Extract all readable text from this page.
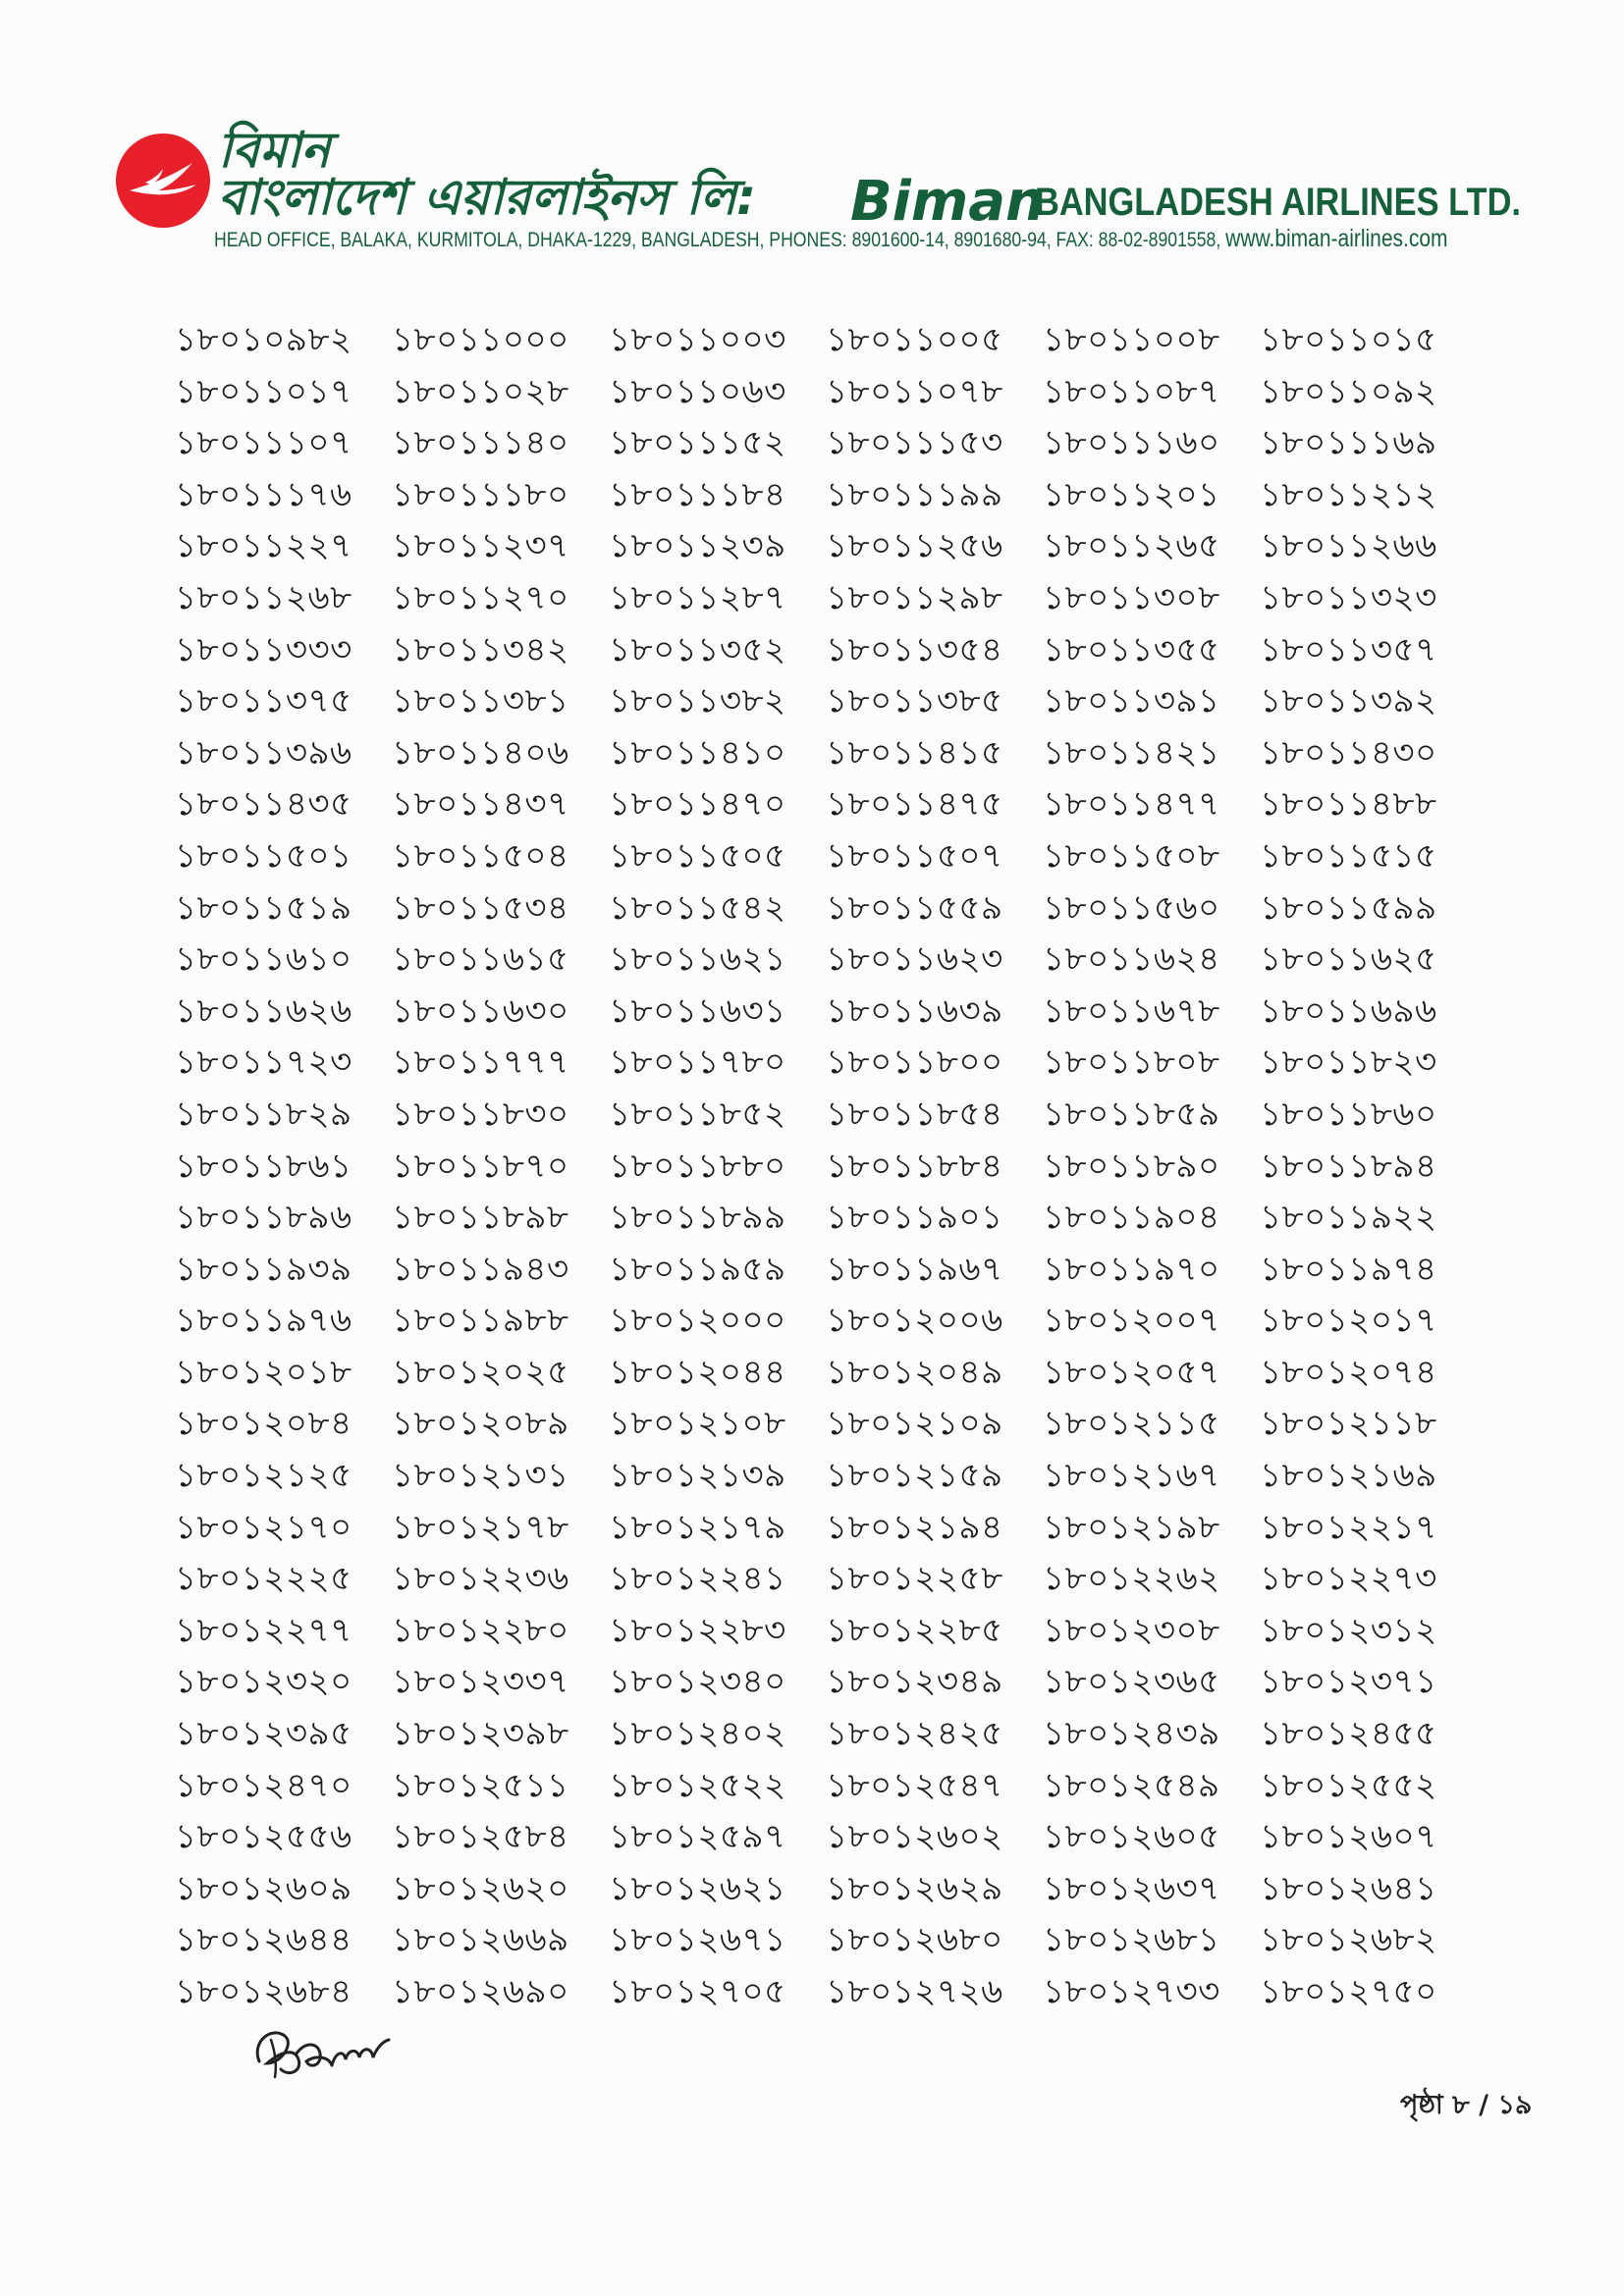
বিমান
বাংলাদেশ এয়ারলাইনস লি: Biman
BANGLADESH AIRLINES LTD.
HEAD OFFICE, BALAKA, KURMITOLA, DHAKA-1229, BANGLADESH, PHONES: 8901600-14, 8901680-94, FAX: 88-02-8901558, www.biman-airlines.com
১৮০১০৯৮২	১৮০১১০০০	১৮০১১০০৩	১৮০১১০০৫	১৮০১১০০৮	১৮০১১০১৫
১৮০১১০১৭	১৮০১১০২৮	১৮০১১০৬৩	১৮০১১০৭৮	১৮০১১০৮৭	১৮০১১০৯২
১৮০১১১০৭	১৮০১১১৪০	১৮০১১১৫২	১৮০১১১৫৩	১৮০১১১৬০	১৮০১১১৬৯
১৮০১১১৭৬	১৮০১১১৮০	১৮০১১১৮৪	১৮০১১১৯৯	১৮০১১২০১	১৮০১১২১২
১৮০১১২২৭	১৮০১১২৩৭	১৮০১১২৩৯	১৮০১১২৫৬	১৮০১১২৬৫	১৮০১১২৬৬
১৮০১১২৬৮	১৮০১১২৭০	১৮০১১২৮৭	১৮০১১২৯৮	১৮০১১৩০৮	১৮০১১৩২৩
১৮০১১৩৩৩	১৮০১১৩৪২	১৮০১১৩৫২	১৮০১১৩৫৪	১৮০১১৩৫৫	১৮০১১৩৫৭
১৮০১১৩৭৫	১৮০১১৩৮১	১৮০১১৩৮২	১৮০১১৩৮৫	১৮০১১৩৯১	১৮০১১৩৯২
১৮০১১৩৯৬	১৮০১১৪০৬	১৮০১১৪১০	১৮০১১৪১৫	১৮০১১৪২১	১৮০১১৪৩০
১৮০১১৪৩৫	১৮০১১৪৩৭	১৮০১১৪৭০	১৮০১১৪৭৫	১৮০১১৪৭৭	১৮০১১৪৮৮
১৮০১১৫০১	১৮০১১৫০৪	১৮০১১৫০৫	১৮০১১৫০৭	১৮০১১৫০৮	১৮০১১৫১৫
১৮০১১৫১৯	১৮০১১৫৩৪	১৮০১১৫৪২	১৮০১১৫৫৯	১৮০১১৫৬০	১৮০১১৫৯৯
১৮০১১৬১০	১৮০১১৬১৫	১৮০১১৬২১	১৮০১১৬২৩	১৮০১১৬২৪	১৮০১১৬২৫
১৮০১১৬২৬	১৮০১১৬৩০	১৮০১১৬৩১	১৮০১১৬৩৯	১৮০১১৬৭৮	১৮০১১৬৯৬
১৮০১১৭২৩	১৮০১১৭৭৭	১৮০১১৭৮০	১৮০১১৮০০	১৮০১১৮০৮	১৮০১১৮২৩
১৮০১১৮২৯	১৮০১১৮৩০	১৮০১১৮৫২	১৮০১১৮৫৪	১৮০১১৮৫৯	১৮০১১৮৬০
১৮০১১৮৬১	১৮০১১৮৭০	১৮০১১৮৮০	১৮০১১৮৮৪	১৮০১১৮৯০	১৮০১১৮৯৪
১৮০১১৮৯৬	১৮০১১৮৯৮	১৮০১১৮৯৯	১৮০১১৯০১	১৮০১১৯০৪	১৮০১১৯২২
১৮০১১৯৩৯	১৮০১১৯৪৩	১৮০১১৯৫৯	১৮০১১৯৬৭	১৮০১১৯৭০	১৮০১১৯৭৪
১৮০১১৯৭৬	১৮০১১৯৮৮	১৮০১২০০০	১৮০১২০০৬	১৮০১২০০৭	১৮০১২০১৭
১৮০১২০১৮	১৮০১২০২৫	১৮০১২০৪৪	১৮০১২০৪৯	১৮০১২০৫৭	১৮০১২০৭৪
১৮০১২০৮৪	১৮০১২০৮৯	১৮০১২১০৮	১৮০১২১০৯	১৮০১২১১৫	১৮০১২১১৮
১৮০১২১২৫	১৮০১২১৩১	১৮০১২১৩৯	১৮০১২১৫৯	১৮০১২১৬৭	১৮০১২১৬৯
১৮০১২১৭০	১৮০১২১৭৮	১৮০১২১৭৯	১৮০১২১৯৪	১৮০১২১৯৮	১৮০১২২১৭
১৮০১২২২৫	১৮০১২২৩৬	১৮০১২২৪১	১৮০১২২৫৮	১৮০১২২৬২	১৮০১২২৭৩
১৮০১২২৭৭	১৮০১২২৮০	১৮০১২২৮৩	১৮০১২২৮৫	১৮০১২৩০৮	১৮০১২৩১২
১৮০১২৩২০	১৮০১২৩৩৭	১৮০১২৩৪০	১৮০১২৩৪৯	১৮০১২৩৬৫	১৮০১২৩৭১
১৮০১২৩৯৫	১৮০১২৩৯৮	১৮০১২৪০২	১৮০১২৪২৫	১৮০১২৪৩৯	১৮০১২৪৫৫
১৮০১২৪৭০	১৮০১২৫১১	১৮০১২৫২২	১৮০১২৫৪৭	১৮০১২৫৪৯	১৮০১২৫৫২
১৮০১২৫৫৬	১৮০১২৫৮৪	১৮০১২৫৯৭	১৮০১২৬০২	১৮০১২৬০৫	১৮০১২৬০৭
১৮০১২৬০৯	১৮০১২৬২০	১৮০১২৬২১	১৮০১২৬২৯	১৮০১২৬৩৭	১৮০১২৬৪১
১৮০১২৬৪৪	১৮০১২৬৬৯	১৮০১২৬৭১	১৮০১২৬৮০	১৮০১২৬৮১	১৮০১২৬৮২
১৮০১২৬৮৪	১৮০১২৬৯০	১৮০১২৭০৫	১৮০১২৭২৬	১৮০১২৭৩৩	১৮০১২৭৫০
পৃষ্ঠা ৮ / ১৯
